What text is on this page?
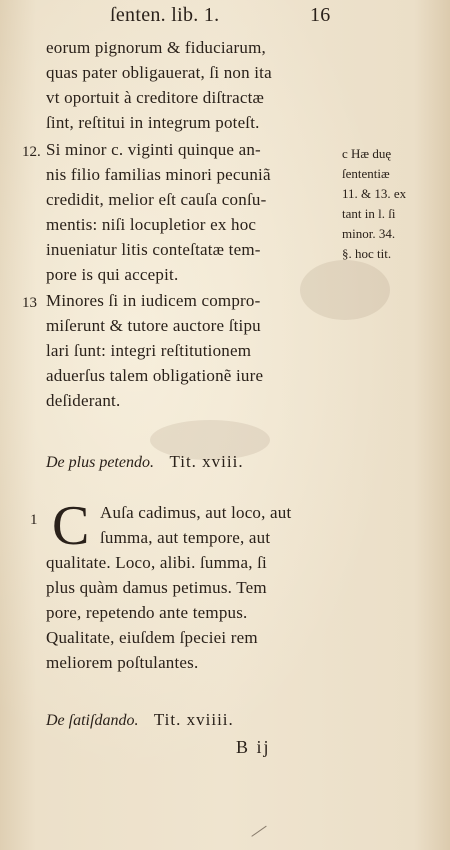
ſenten. lib. 1.	16
eorum pignorum & fiduciarum,
quas pater obligauerat, ſi non ita
vt oportuit à creditore diſtractæ
ſint, reſtitui in integrum poteſt.
12. Si minor c. viginti quinque an-
nis filio familias minori pecuniã
credidit, melior eſt cauſa conſu-
mentis: niſi locupletior ex hoc
inueniatur litis conteſtatæ tem-
pore is qui accepit.
c Hæ duę
ſententiæ
11. & 13. ex
tant in l. ſi
minor. 34.
§. hoc tit.
13 Minores ſi in iudicem compro-
miſerunt & tutore auctore ſtipu
lari ſunt: integri reſtitutionem
aduerſus talem obligationẽ iure
deſiderant.
De plus petendo. Tit. xviii.
1 C Auſa cadimus, aut loco, aut
ſumma, aut tempore, aut
qualitate. Loco, alibi. ſumma, ſi
plus quàm damus petimus. Tem
pore, repetendo ante tempus.
Qualitate, eiuſdem ſpeciei rem
meliorem poſtulantes.
De ſatiſdando. Tit. xviiii.
B ij
